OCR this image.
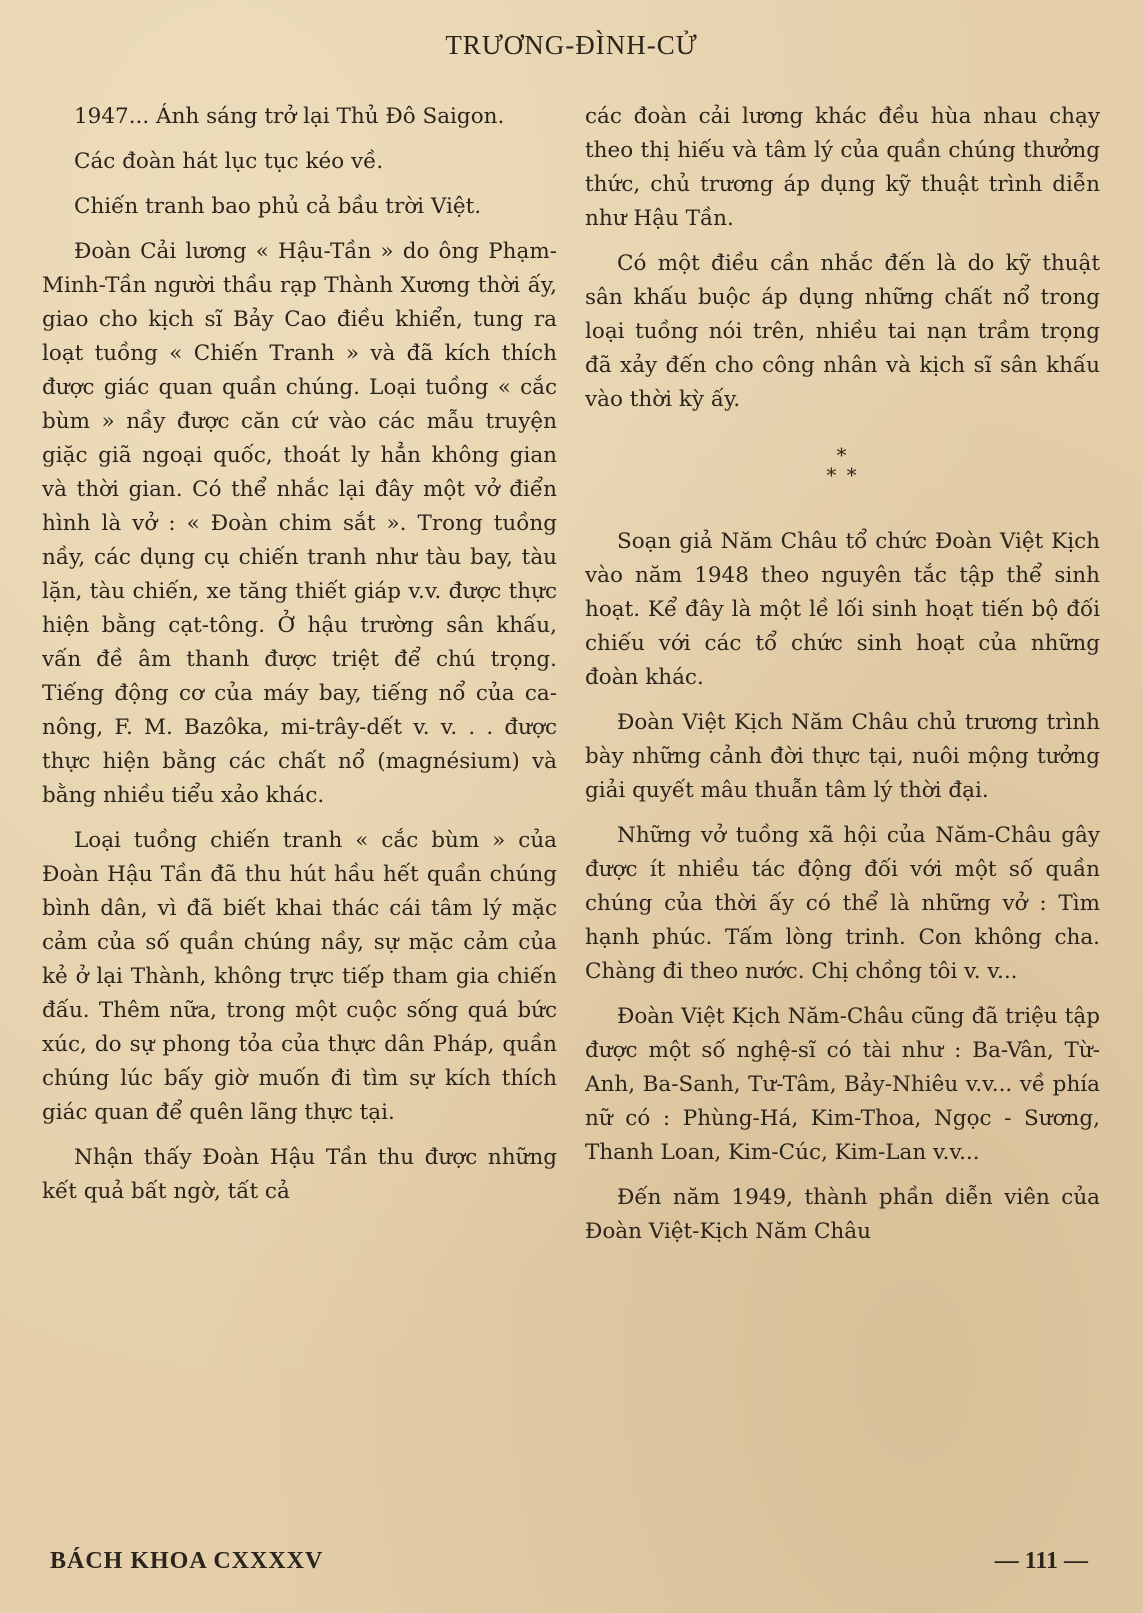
TRƯƠNG-ĐÌNH-CỬ

1947... Ánh sáng trở lại Thủ Đô Saigon.

Các đoàn hát lục tục kéo về.

Chiến tranh bao phủ cả bầu trời Việt.

Đoàn Cải lương « Hậu-Tần » do ông Phạm-Minh-Tần người thầu rạp Thành Xương thời ấy, giao cho kịch sĩ Bảy Cao điều khiển, tung ra loạt tuồng « Chiến Tranh » và đã kích thích được giác quan quần chúng. Loại tuồng « cắc bùm » nầy được căn cứ vào các mẫu truyện giặc giã ngoại quốc, thoát ly hẳn không gian và thời gian. Có thể nhắc lại đây một vở điển hình là vở : « Đoàn chim sắt ». Trong tuồng nầy, các dụng cụ chiến tranh như tàu bay, tàu lặn, tàu chiến, xe tăng thiết giáp v.v. được thực hiện bằng cạt-tông. Ở hậu trường sân khấu, vấn đề âm thanh được triệt để chú trọng. Tiếng động cơ của máy bay, tiếng nổ của ca-nông, F. M. Bazôka, mi-trây-dết v. v. . . được thực hiện bằng các chất nổ (magnésium) và bằng nhiều tiểu xảo khác.

Loại tuồng chiến tranh « cắc bùm » của Đoàn Hậu Tần đã thu hút hầu hết quần chúng bình dân, vì đã biết khai thác cái tâm lý mặc cảm của số quần chúng nầy, sự mặc cảm của kẻ ở lại Thành, không trực tiếp tham gia chiến đấu. Thêm nữa, trong một cuộc sống quá bức xúc, do sự phong tỏa của thực dân Pháp, quần chúng lúc bấy giờ muốn đi tìm sự kích thích giác quan để quên lãng thực tại.

Nhận thấy Đoàn Hậu Tần thu được những kết quả bất ngờ, tất cả

các đoàn cải lương khác đều hùa nhau chạy theo thị hiếu và tâm lý của quần chúng thưởng thức, chủ trương áp dụng kỹ thuật trình diễn như Hậu Tần.

Có một điều cần nhắc đến là do kỹ thuật sân khấu buộc áp dụng những chất nổ trong loại tuồng nói trên, nhiều tai nạn trầm trọng đã xảy đến cho công nhân và kịch sĩ sân khấu vào thời kỳ ấy.

*
* *

Soạn giả Năm Châu tổ chức Đoàn Việt Kịch vào năm 1948 theo nguyên tắc tập thể sinh hoạt. Kể đây là một lề lối sinh hoạt tiến bộ đối chiếu với các tổ chức sinh hoạt của những đoàn khác.

Đoàn Việt Kịch Năm Châu chủ trương trình bày những cảnh đời thực tại, nuôi mộng tưởng giải quyết mâu thuẫn tâm lý thời đại.

Những vở tuồng xã hội của Năm-Châu gây được ít nhiều tác động đối với một số quần chúng của thời ấy có thể là những vở : Tìm hạnh phúc. Tấm lòng trinh. Con không cha. Chàng đi theo nước. Chị chồng tôi v. v...

Đoàn Việt Kịch Năm-Châu cũng đã triệu tập được một số nghệ-sĩ có tài như : Ba-Vân, Từ-Anh, Ba-Sanh, Tư-Tâm, Bảy-Nhiêu v.v... về phía nữ có : Phùng-Há, Kim-Thoa, Ngọc - Sương, Thanh Loan, Kim-Cúc, Kim-Lan v.v...

Đến năm 1949, thành phần diễn viên của Đoàn Việt-Kịch Năm Châu

BÁCH KHOA CXXXXV	— 111 —
